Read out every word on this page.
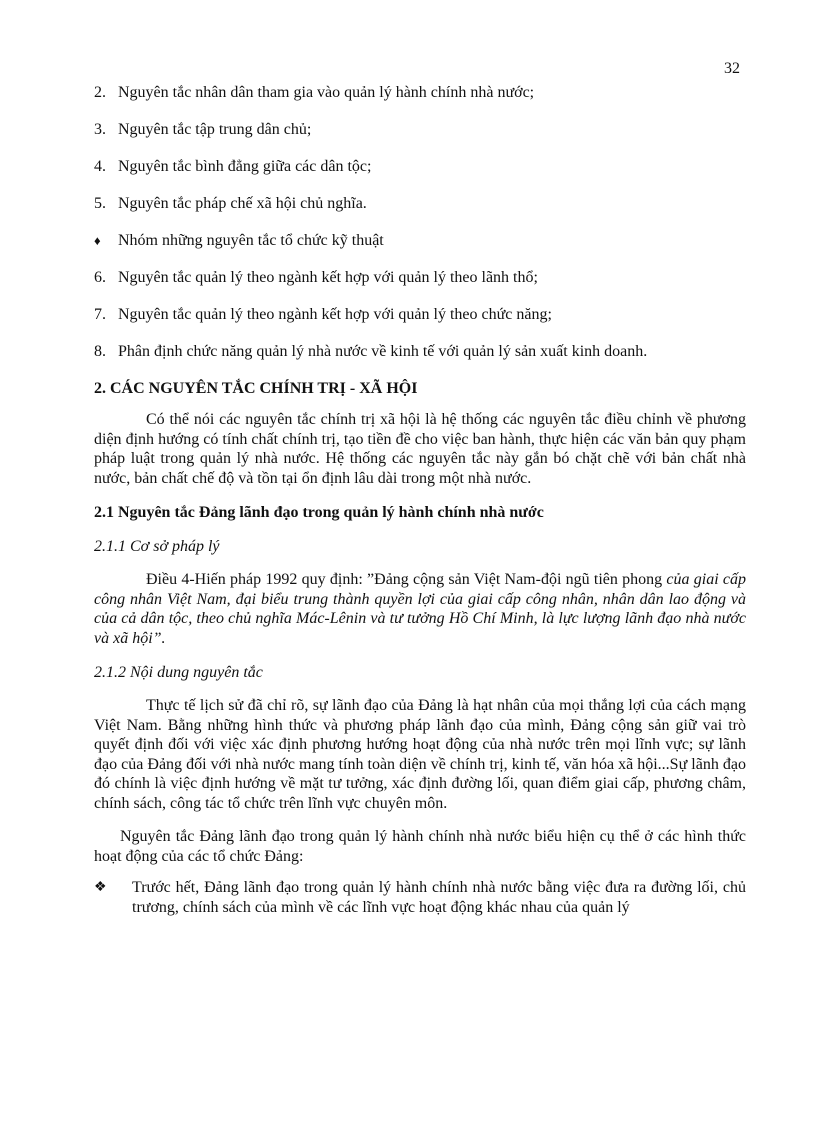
32
2. Nguyên tắc nhân dân tham gia vào quản lý hành chính nhà nước;
3. Nguyên tắc tập trung dân chủ;
4. Nguyên tắc bình đẳng giữa các dân tộc;
5. Nguyên tắc pháp chế xã hội chủ nghĩa.
♦	Nhóm những nguyên tắc tổ chức kỹ thuật
6. Nguyên tắc quản lý theo ngành kết hợp với quản lý theo lãnh thổ;
7. Nguyên tắc quản lý theo ngành kết hợp với quản lý theo chức năng;
8. Phân định chức năng quản lý nhà nước về kinh tế với quản lý sản xuất kinh doanh.
2. CÁC NGUYÊN TẮC CHÍNH TRỊ - XÃ HỘI

Có thể nói các nguyên tắc chính trị xã hội là hệ thống các nguyên tắc điều chỉnh về phương diện định hướng có tính chất chính trị, tạo tiền đề cho việc ban hành, thực hiện các văn bản quy phạm pháp luật trong quản lý nhà nước. Hệ thống các nguyên tắc này gắn bó chặt chẽ với bản chất nhà nước, bản chất chế độ và tồn tại ổn định lâu dài trong một nhà nước.

2.1 Nguyên tắc Đảng lãnh đạo trong quản lý hành chính nhà nước
2.1.1 Cơ sở pháp lý

Điều 4-Hiến pháp 1992 quy định: ”Đảng cộng sản Việt Nam-đội ngũ tiên phong của giai cấp công nhân Việt Nam, đại biểu trung thành quyền lợi của giai cấp công nhân, nhân dân lao động và của cả dân tộc, theo chủ nghĩa Mác-Lênin và tư tưởng Hồ Chí Minh, là lực lượng lãnh đạo nhà nước và xã hội”.

2.1.2 Nội dung nguyên tắc

Thực tế lịch sử đã chỉ rõ, sự lãnh đạo của Đảng là hạt nhân của mọi thắng lợi của cách mạng Việt Nam. Bằng những hình thức và phương pháp lãnh đạo của mình, Đảng cộng sản giữ vai trò quyết định đối với việc xác định phương hướng hoạt động của nhà nước trên mọi lĩnh vực; sự lãnh đạo của Đảng đối với nhà nước mang tính toàn diện về chính trị, kinh tế, văn hóa xã hội...Sự lãnh đạo đó chính là việc định hướng về mặt tư tưởng, xác định đường lối, quan điểm giai cấp, phương châm, chính sách, công tác tổ chức trên lĩnh vực chuyên môn.

Nguyên tắc Đảng lãnh đạo trong quản lý hành chính nhà nước biểu hiện cụ thể ở các hình thức hoạt động của các tổ chức Đảng:

❖	Trước hết, Đảng lãnh đạo trong quản lý hành chính nhà nước bằng việc đưa ra đường lối, chủ trương, chính sách của mình về các lĩnh vực hoạt động khác nhau của quản lý
